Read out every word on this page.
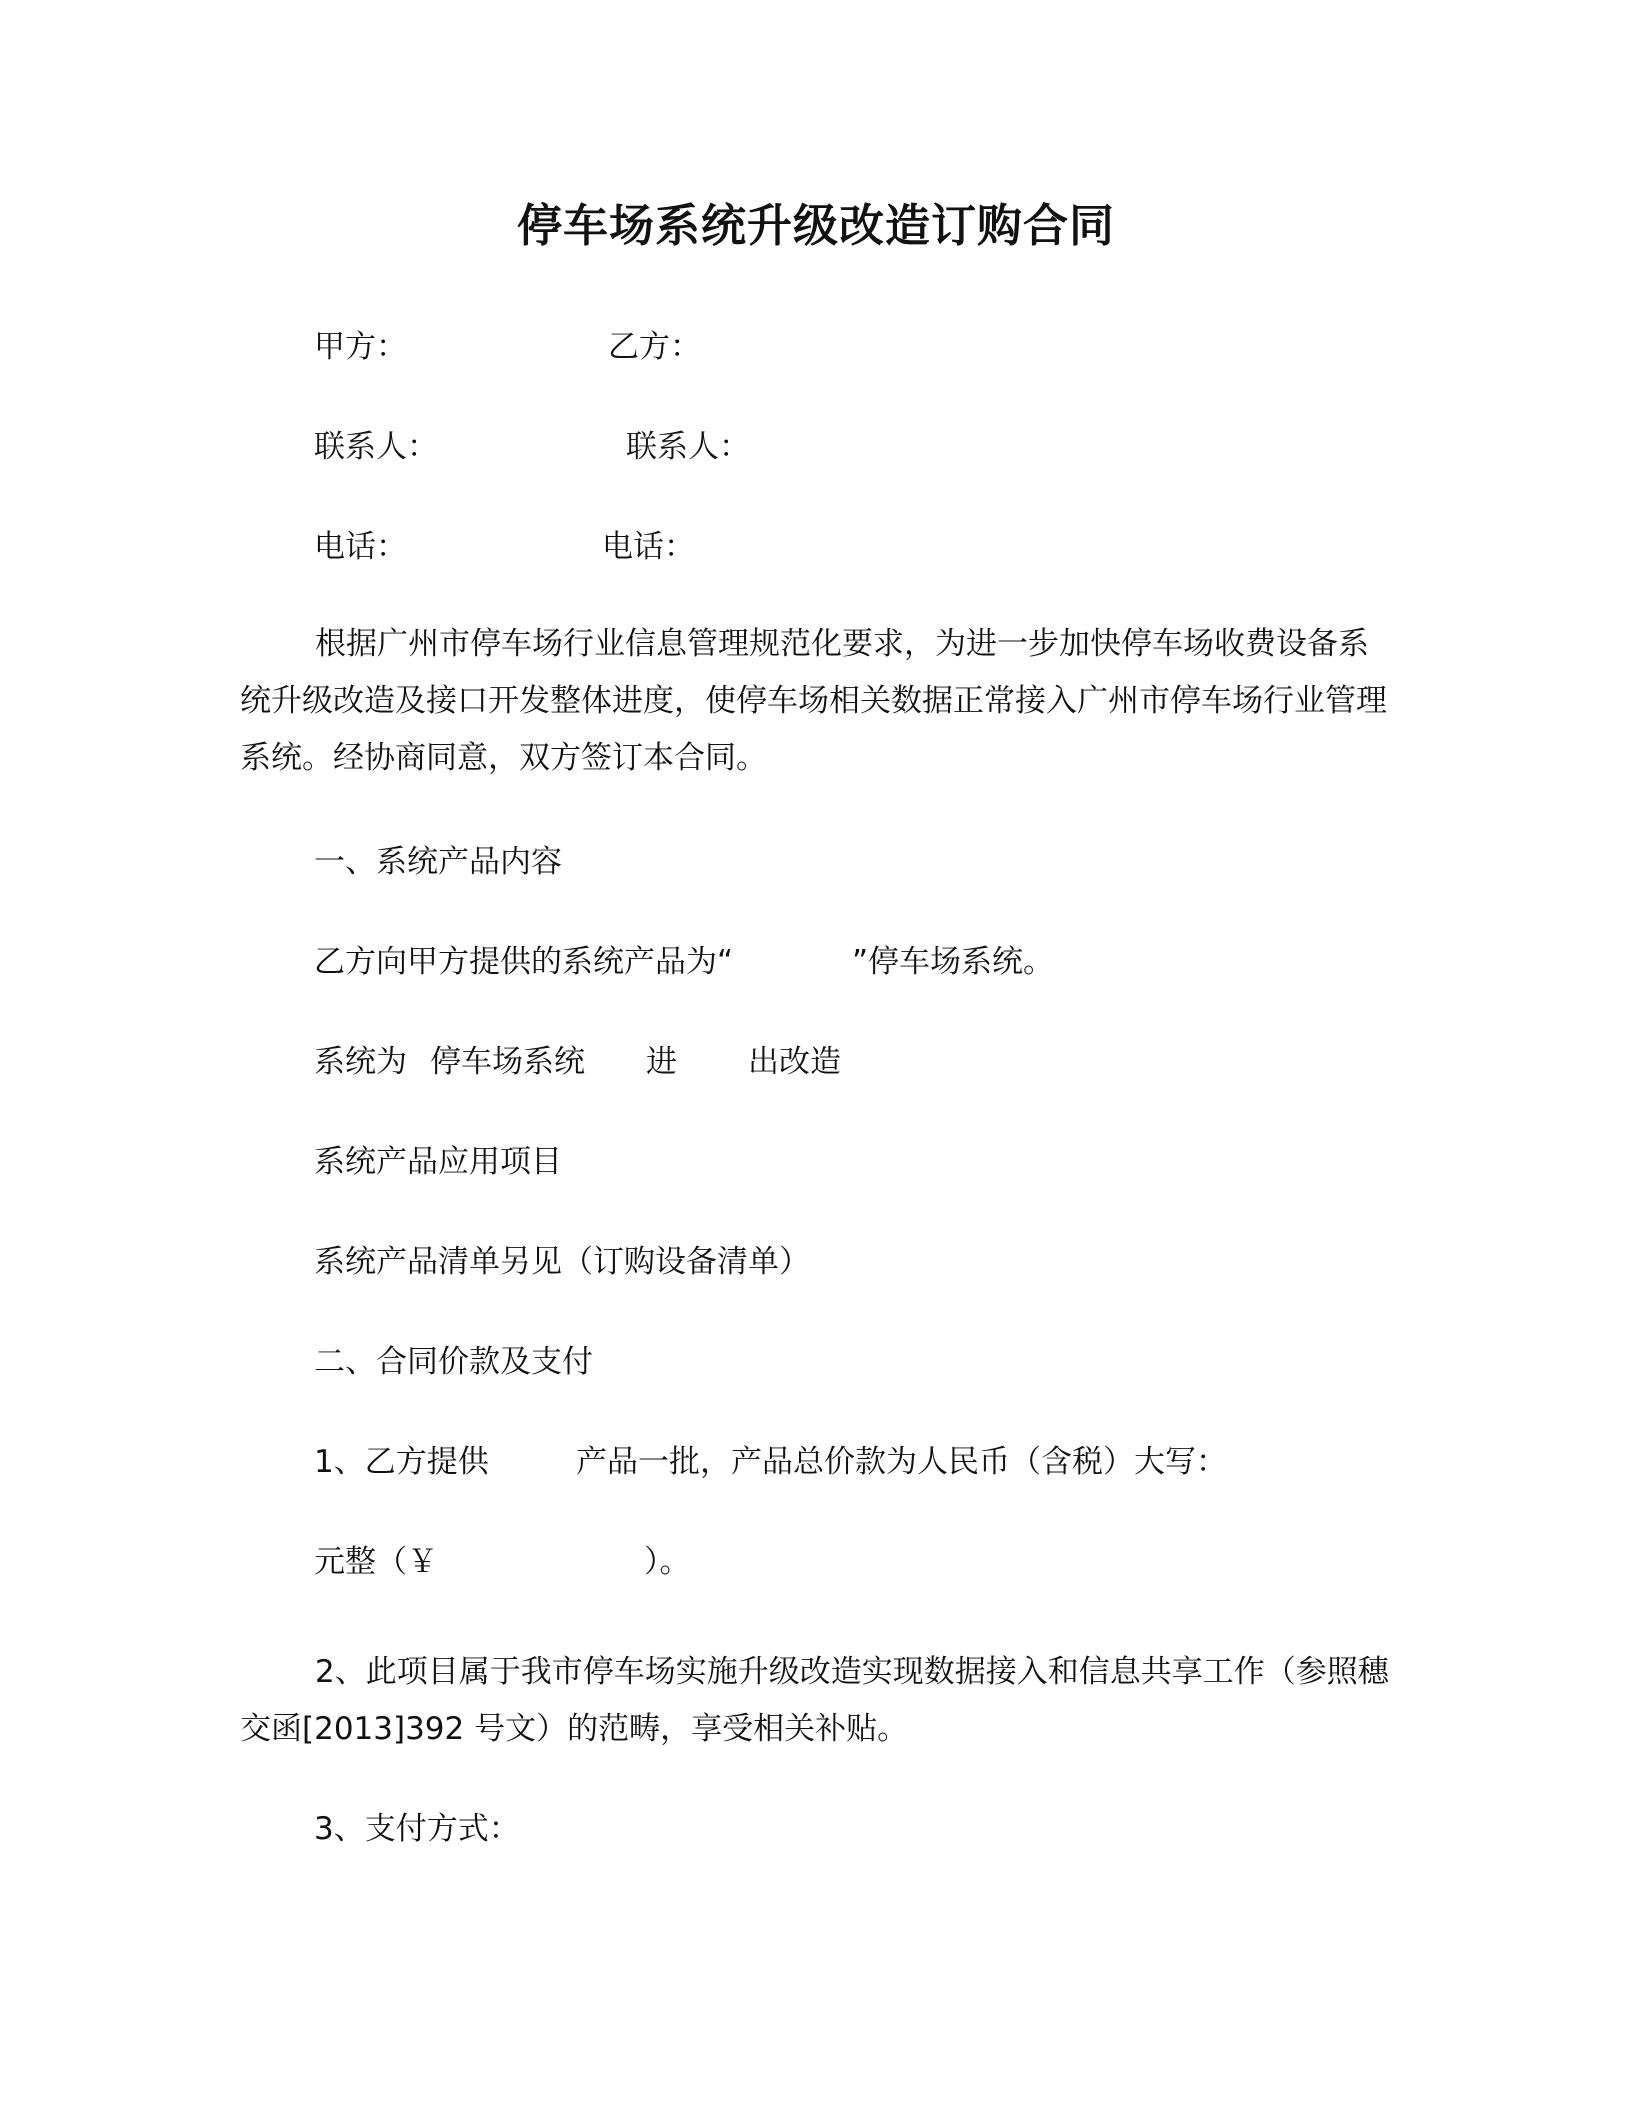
停车场系统升级改造订购合同
甲方：	乙方：
联系人：	联系人：
电话：	电话：
根据广州市停车场行业信息管理规范化要求，为进一步加快停车场收费设备系统升级改造及接口开发整体进度，使停车场相关数据正常接入广州市停车场行业管理系统。经协商同意，双方签订本合同。
一、系统产品内容
乙方向甲方提供的系统产品为“	”停车场系统。
系统为 停车场系统 进 出改造
系统产品应用项目
系统产品清单另见（订购设备清单）
二、合同价款及支付
1、乙方提供	产品一批，产品总价款为人民币（含税）大写：
元整（￥	）。
2、此项目属于我市停车场实施升级改造实现数据接入和信息共享工作（参照穗交函[2013]392 号文）的范畴，享受相关补贴。
3、支付方式：
